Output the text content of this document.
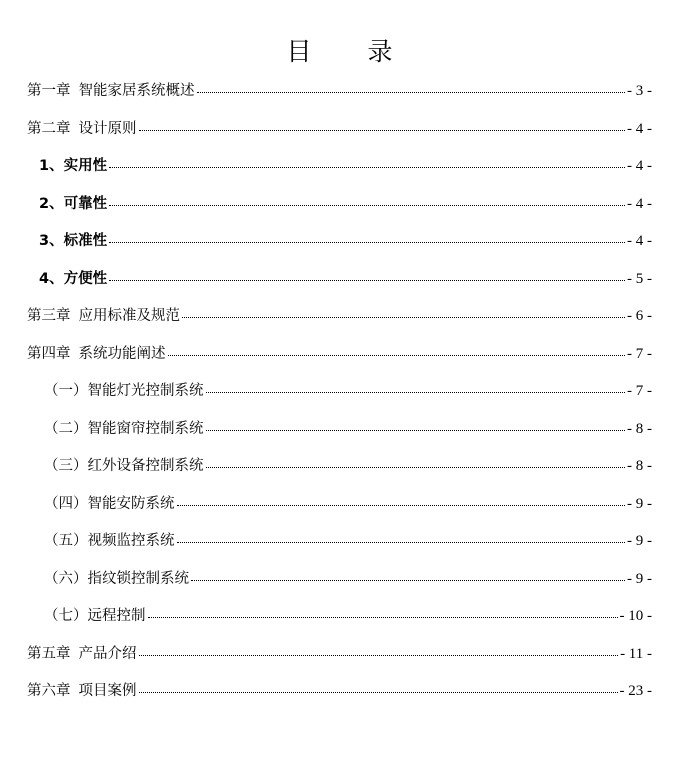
目 录
第一章 智能家居系统概述	- 3 -
第二章 设计原则	- 4 -
1、实用性	- 4 -
2、可靠性	- 4 -
3、标准性	- 4 -
4、方便性	- 5 -
第三章 应用标准及规范	- 6 -
第四章 系统功能阐述	- 7 -
（一）智能灯光控制系统	- 7 -
（二）智能窗帘控制系统	- 8 -
（三）红外设备控制系统	- 8 -
（四）智能安防系统	- 9 -
（五）视频监控系统	- 9 -
（六）指纹锁控制系统	- 9 -
（七）远程控制	- 10 -
第五章 产品介绍	- 11 -
第六章 项目案例	- 23 -
